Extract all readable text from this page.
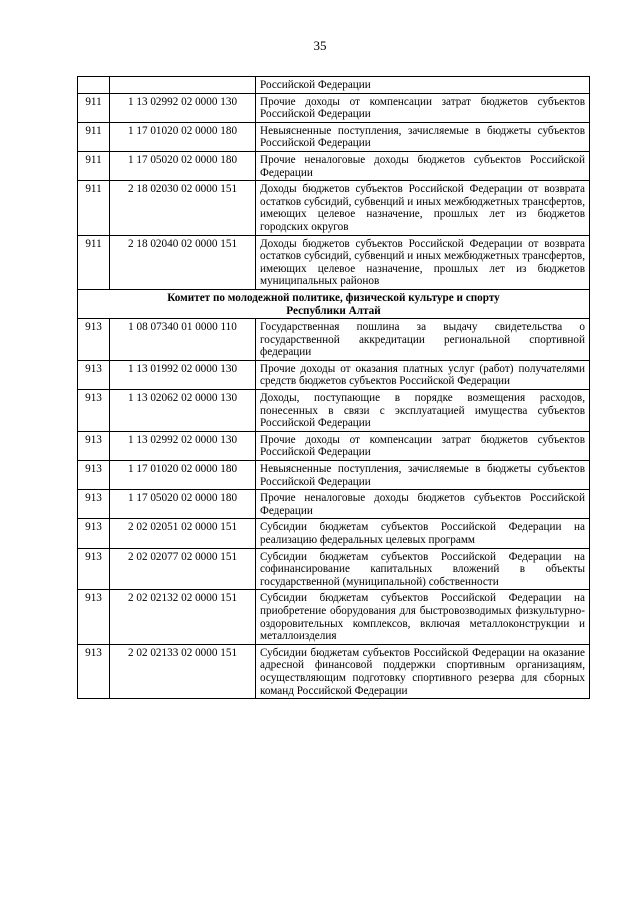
35
		Российской Федерации
911	1 13 02992 02 0000 130	Прочие доходы от компенсации затрат бюджетов субъектов Российской Федерации
911	1 17 01020 02 0000 180	Невыясненные поступления, зачисляемые в бюджеты субъектов Российской Федерации
911	1 17 05020 02 0000 180	Прочие неналоговые доходы бюджетов субъектов Российской Федерации
911	2 18 02030 02 0000 151	Доходы бюджетов субъектов Российской Федерации от возврата остатков субсидий, субвенций и иных межбюджетных трансфертов, имеющих целевое назначение, прошлых лет из бюджетов городских округов
911	2 18 02040 02 0000 151	Доходы бюджетов субъектов Российской Федерации от возврата остатков субсидий, субвенций и иных межбюджетных трансфертов, имеющих целевое назначение, прошлых лет из бюджетов муниципальных районов

Комитет по молодежной политике, физической культуре и спорту
Республики Алтай		

913	1 08 07340 01 0000 110	Государственная пошлина за выдачу свидетельства о государственной аккредитации региональной спортивной федерации
913	1 13 01992 02 0000 130	Прочие доходы от оказания платных услуг (работ) получателями средств бюджетов субъектов Российской Федерации
913	1 13 02062 02 0000 130	Доходы, поступающие в порядке возмещения расходов, понесенных в связи с эксплуатацией имущества субъектов Российской Федерации
913	1 13 02992 02 0000 130	Прочие доходы от компенсации затрат бюджетов субъектов Российской Федерации
913	1 17 01020 02 0000 180	Невыясненные поступления, зачисляемые в бюджеты субъектов Российской Федерации
913	1 17 05020 02 0000 180	Прочие неналоговые доходы бюджетов субъектов Российской Федерации
913	2 02 02051 02 0000 151	Субсидии бюджетам субъектов Российской Федерации на реализацию федеральных целевых программ
913	2 02 02077 02 0000 151	Субсидии бюджетам субъектов Российской Федерации на софинансирование капитальных вложений в объекты государственной (муниципальной) собственности
913	2 02 02132 02 0000 151	Субсидии бюджетам субъектов Российской Федерации на приобретение оборудования для быстровозводимых физкультурно-оздоровительных комплексов, включая металлоконструкции и металлоизделия
913	2 02 02133 02 0000 151	Субсидии бюджетам субъектов Российской Федерации на оказание адресной финансовой поддержки спортивным организациям, осуществляющим подготовку спортивного резерва для сборных команд Российской Федерации
